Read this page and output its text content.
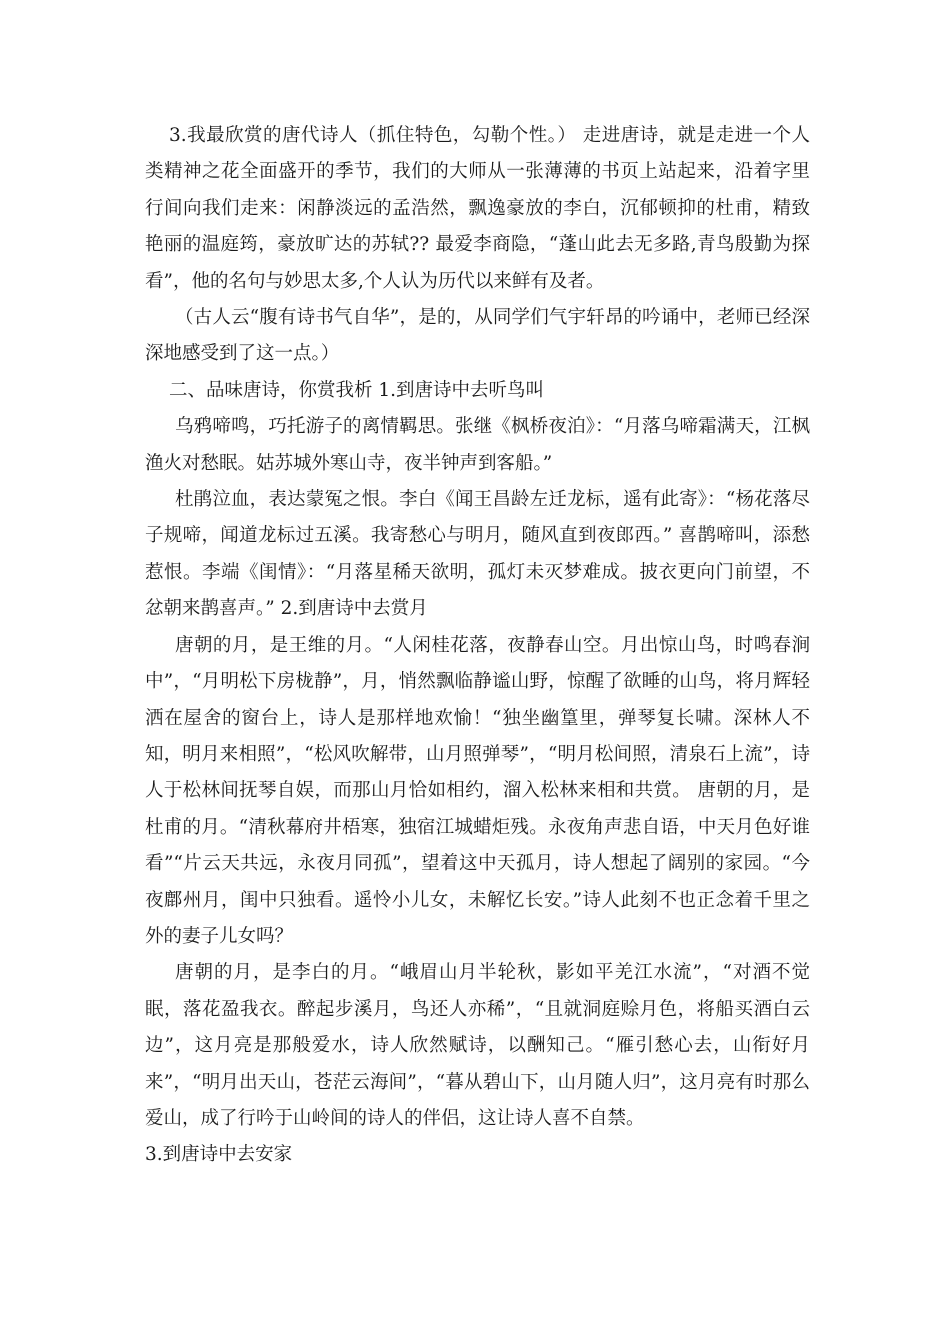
3.我最欣赏的唐代诗人（抓住特色，勾勒个性。） 走进唐诗，就是走进一个人类精神之花全面盛开的季节，我们的大师从一张薄薄的书页上站起来，沿着字里行间向我们走来：闲静淡远的孟浩然，飘逸豪放的李白，沉郁顿抑的杜甫，精致艳丽的温庭筠，豪放旷达的苏轼?? 最爱李商隐，“蓬山此去无多路,青鸟殷勤为探看”，他的名句与妙思太多,个人认为历代以来鲜有及者。

（古人云“腹有诗书气自华”，是的，从同学们气宇轩昂的吟诵中，老师已经深深地感受到了这一点。）

二、品味唐诗，你赏我析 1.到唐诗中去听鸟叫

乌鸦啼鸣，巧托游子的离情羁思。张继《枫桥夜泊》：“月落乌啼霜满天，江枫渔火对愁眠。姑苏城外寒山寺，夜半钟声到客船。”

杜鹃泣血，表达蒙冤之恨。李白《闻王昌龄左迁龙标，遥有此寄》：“杨花落尽子规啼，闻道龙标过五溪。我寄愁心与明月，随风直到夜郎西。” 喜鹊啼叫，添愁惹恨。李端《闺情》：“月落星稀天欲明，孤灯未灭梦难成。披衣更向门前望，不忿朝来鹊喜声。” 2.到唐诗中去赏月

唐朝的月，是王维的月。“人闲桂花落，夜静春山空。月出惊山鸟，时鸣春涧中”，“月明松下房栊静”，月，悄然飘临静谧山野，惊醒了欲睡的山鸟，将月辉轻洒在屋舍的窗台上，诗人是那样地欢愉！“独坐幽篁里，弹琴复长啸。深林人不知，明月来相照”，“松风吹解带，山月照弹琴”，“明月松间照，清泉石上流”，诗人于松林间抚琴自娱，而那山月恰如相约，溜入松林来相和共赏。 唐朝的月，是杜甫的月。“清秋幕府井梧寒，独宿江城蜡炬残。永夜角声悲自语，中天月色好谁看”“片云天共远，永夜月同孤”，望着这中天孤月，诗人想起了阔别的家园。“今夜鄜州月，闺中只独看。遥怜小儿女，未解忆长安。”诗人此刻不也正念着千里之外的妻子儿女吗？

唐朝的月，是李白的月。“峨眉山月半轮秋，影如平羌江水流”，“对酒不觉眠，落花盈我衣。醉起步溪月，鸟还人亦稀”，“且就洞庭赊月色，将船买酒白云边”，这月亮是那般爱水，诗人欣然赋诗，以酬知己。“雁引愁心去，山衔好月来”，“明月出天山，苍茫云海间”，“暮从碧山下，山月随人归”，这月亮有时那么爱山，成了行吟于山岭间的诗人的伴侣，这让诗人喜不自禁。

3.到唐诗中去安家
